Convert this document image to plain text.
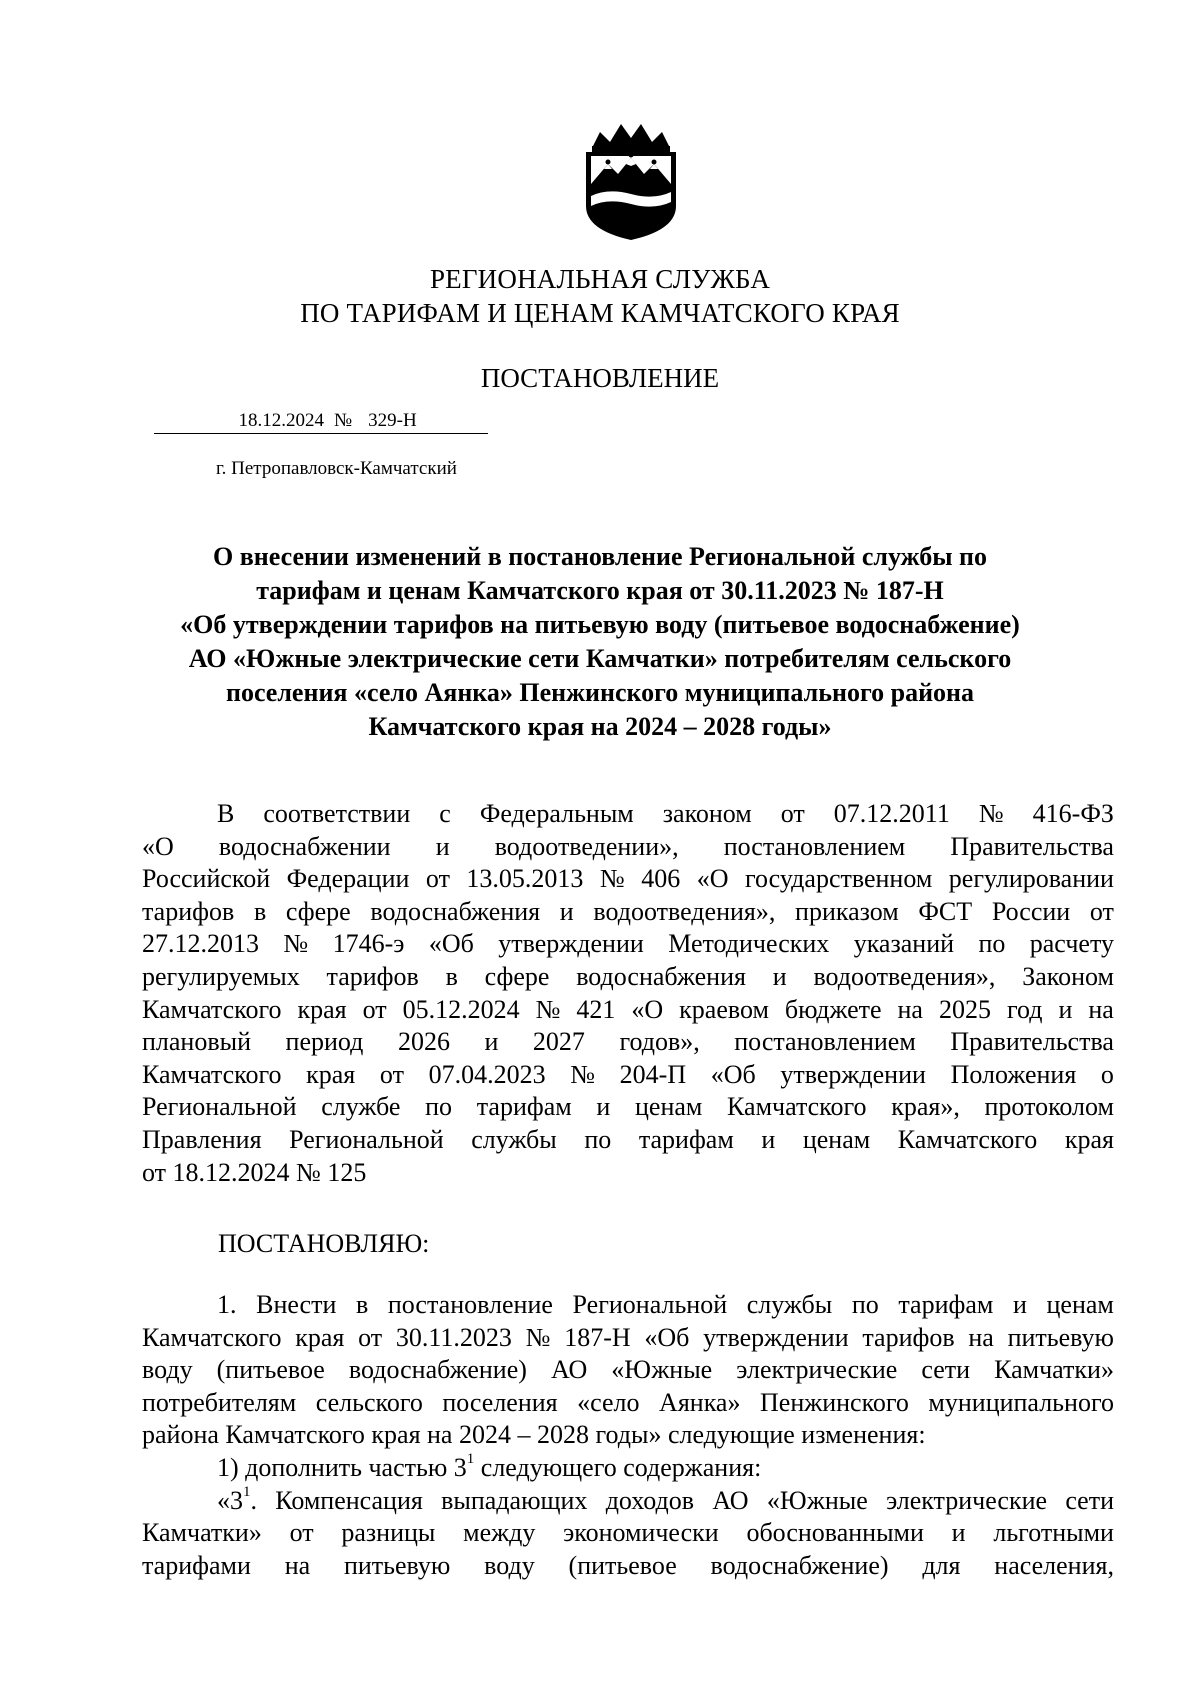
РЕГИОНАЛЬНАЯ СЛУЖБА
ПО ТАРИФАМ И ЦЕНАМ КАМЧАТСКОГО КРАЯ
ПОСТАНОВЛЕНИЕ
18.12.2024 № 329-Н
г. Петропавловск-Камчатский
О внесении изменений в постановление Региональной службы по
тарифам и ценам Камчатского края от 30.11.2023 № 187-Н
«Об утверждении тарифов на питьевую воду (питьевое водоснабжение)
АО «Южные электрические сети Камчатки» потребителям сельского
поселения «село Аянка» Пенжинского муниципального района
Камчатского края на 2024 – 2028 годы»
В соответствии с Федеральным законом от 07.12.2011 № 416-ФЗ
«О водоснабжении и водоотведении», постановлением Правительства
Российской Федерации от 13.05.2013 № 406 «О государственном регулировании
тарифов в сфере водоснабжения и водоотведения», приказом ФСТ России от
27.12.2013 № 1746-э «Об утверждении Методических указаний по расчету
регулируемых тарифов в сфере водоснабжения и водоотведения», Законом
Камчатского края от 05.12.2024 № 421 «О краевом бюджете на 2025 год и на
плановый период 2026 и 2027 годов», постановлением Правительства
Камчатского края от 07.04.2023 № 204-П «Об утверждении Положения о
Региональной службе по тарифам и ценам Камчатского края», протоколом
Правления Региональной службы по тарифам и ценам Камчатского края
от 18.12.2024 № 125
ПОСТАНОВЛЯЮ:
1. Внести в постановление Региональной службы по тарифам и ценам
Камчатского края от 30.11.2023 № 187-Н «Об утверждении тарифов на питьевую
воду (питьевое водоснабжение) АО «Южные электрические сети Камчатки»
потребителям сельского поселения «село Аянка» Пенжинского муниципального
района Камчатского края на 2024 – 2028 годы» следующие изменения:
1) дополнить частью $3^1$ следующего содержания:
«$3^1$. Компенсация выпадающих доходов АО «Южные электрические сети
Камчатки» от разницы между экономически обоснованными и льготными
тарифами на питьевую воду (питьевое водоснабжение) для населения,
